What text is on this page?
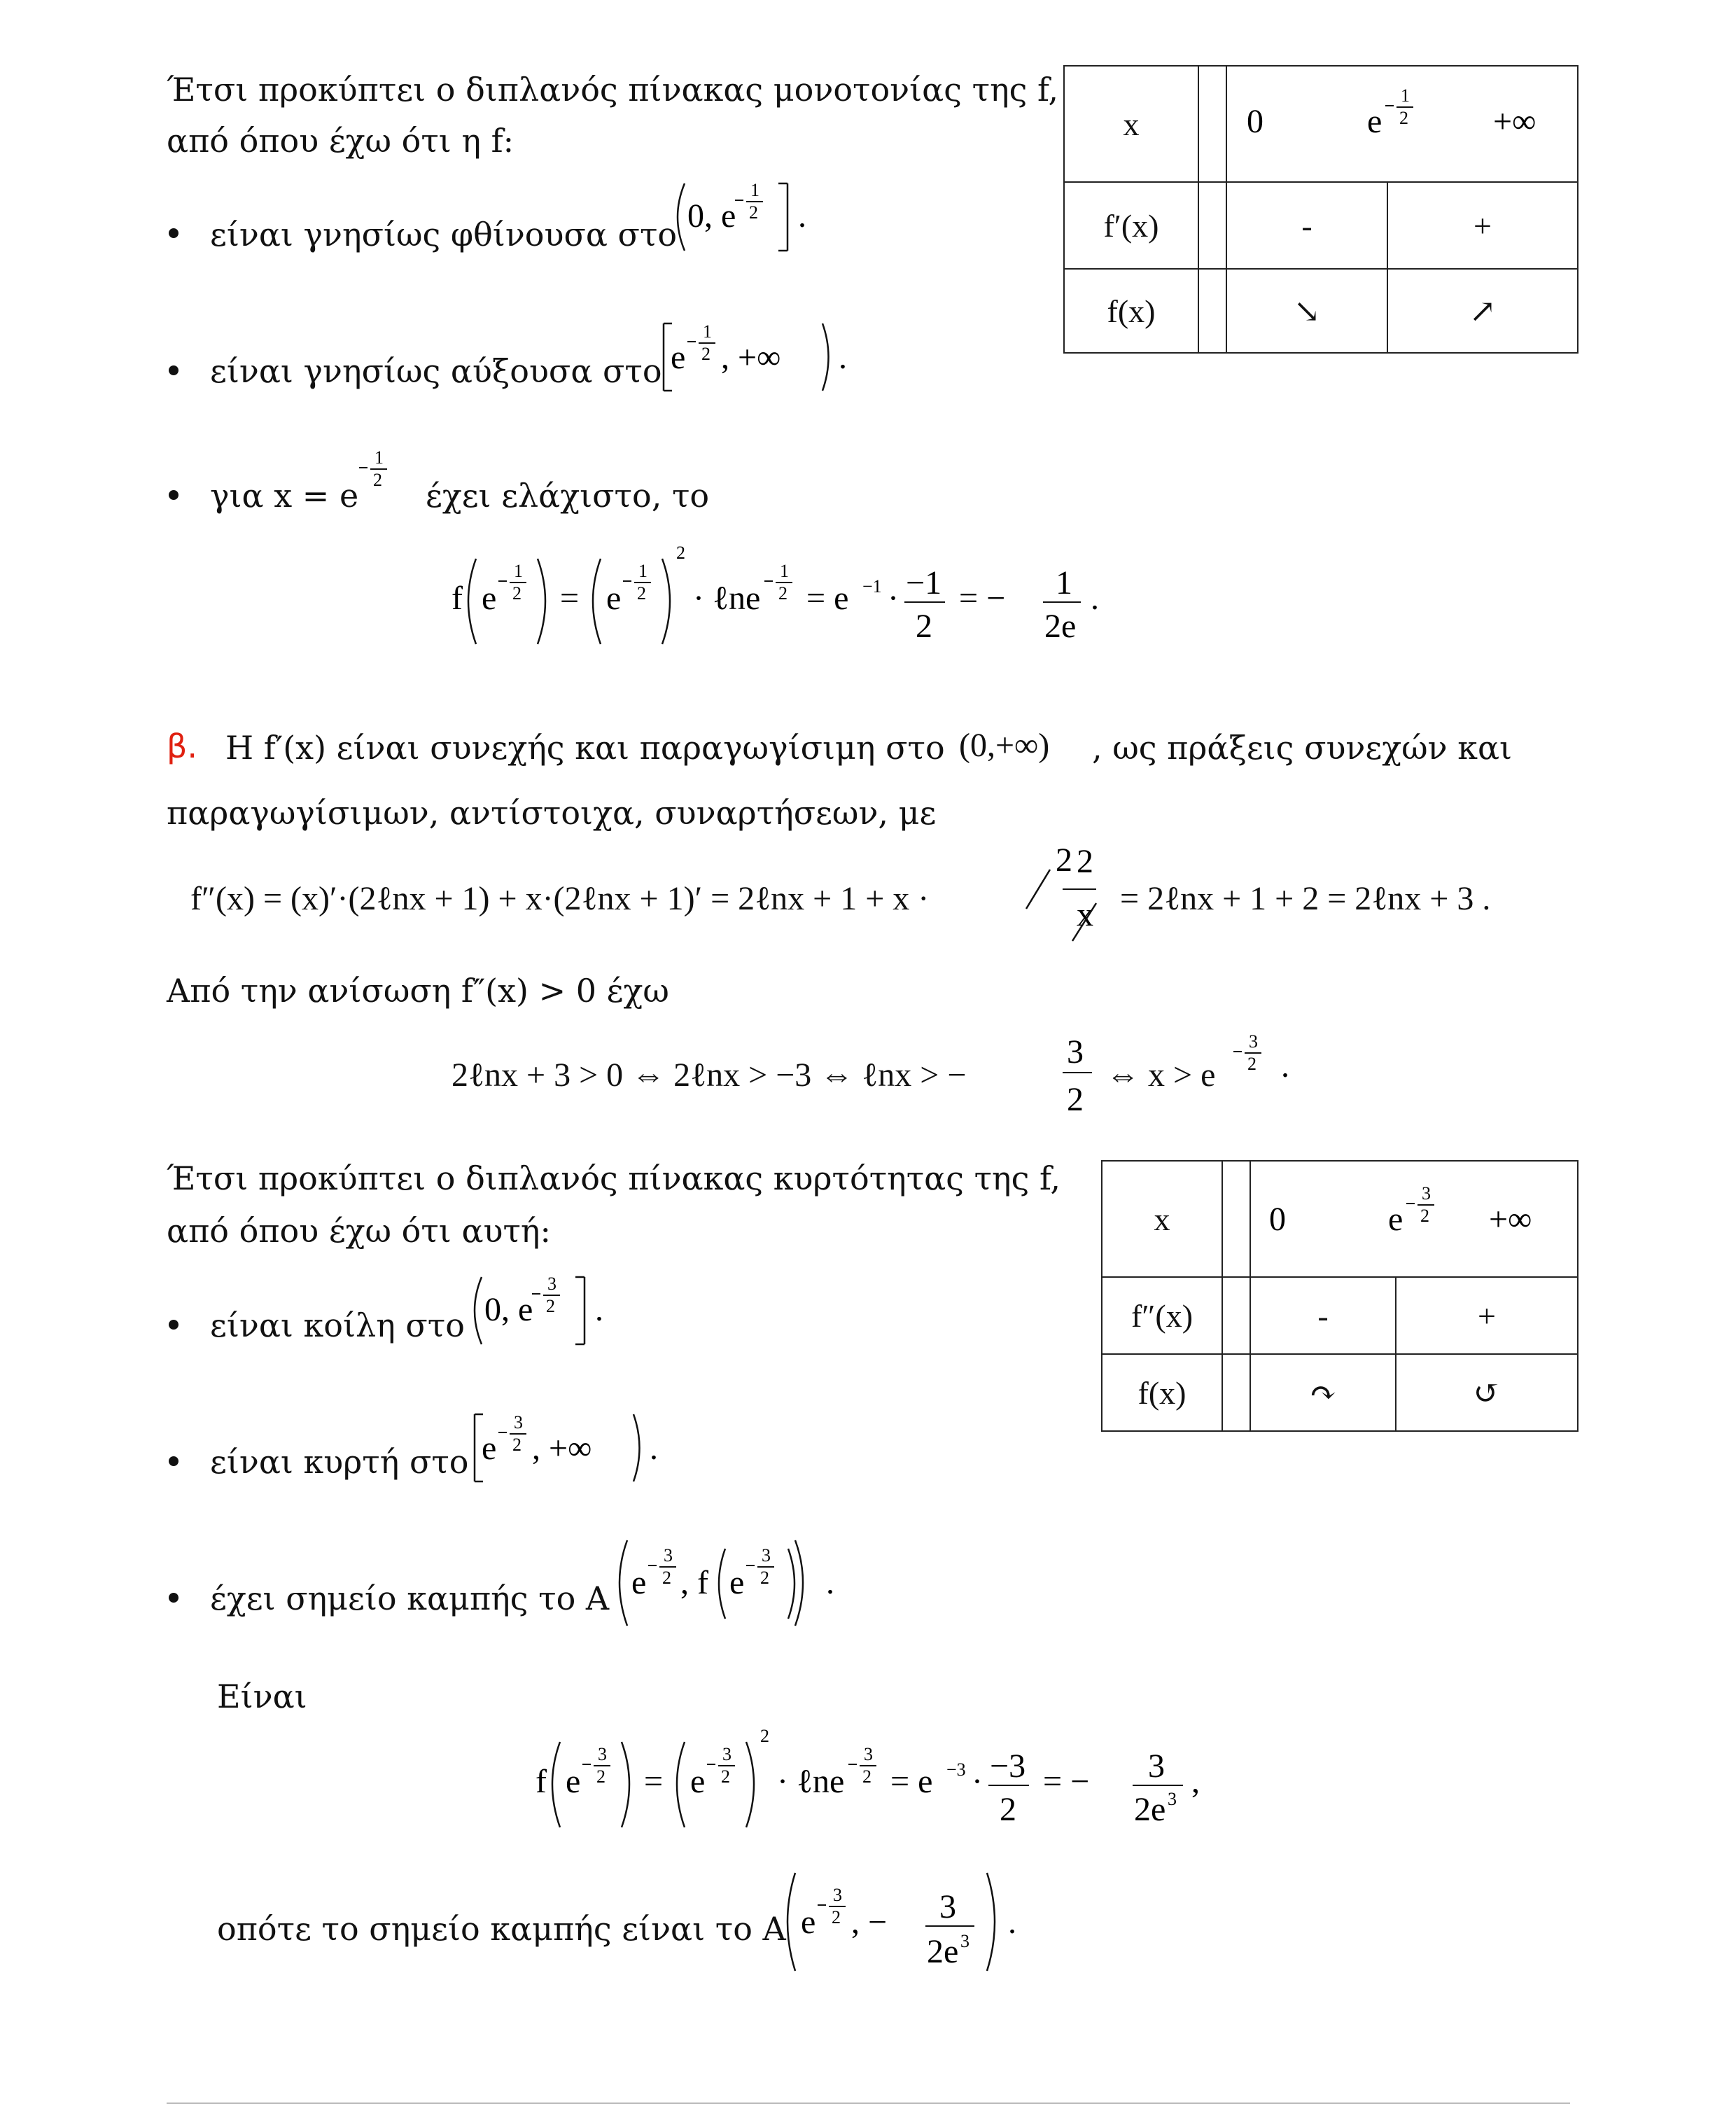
Έτσι προκύπτει ο διπλανός πίνακας μονοτονίας της f,
από όπου έχω ότι η f:
είναι γνησίως φθίνουσα στο 0, e
1
2 .
είναι γνησίως αύξουσα στο e
1
2 , +∞ .
για x = e
1
2 έχει ελάχιστο, το
f e
1
2 = e
1
2
2
· ℓne
1
2 = e −1 · −1
2
= − 1
2e
.
x		0 e
1
2 +∞	

f′(x)		-	+
f(x)		↘	↗
β. Η f′(x) είναι συνεχής και παραγωγίσιμη στο (0,+∞) , ως πράξεις συνεχών και
παραγωγίσιμων, αντίστοιχα, συναρτήσεων, με
f″(x) = (x)′·(2ℓnx + 1) + x·(2ℓnx + 1)′ = 2ℓnx + 1 + x ·
2 2
x = 2ℓnx + 1 + 2 = 2ℓnx + 3 .
Από την ανίσωση f″(x) > 0 έχω
2ℓnx + 3 > 0 ⇔ 2ℓnx > −3 ⇔ ℓnx > −
3
2
⇔ x > e
3
2 .
Έτσι προκύπτει ο διπλανός πίνακας κυρτότητας της f,
από όπου έχω ότι αυτή:
είναι κοίλη στο 0, e
3
2 .
είναι κυρτή στο e
3
2 , +∞ .
έχει σημείο καμπής το A e
3
2 , f e
3
2 .
Είναι
f e
3
2 = e
3
2
2
· ℓne
3
2 = e −3 · −3
2
= − 3
2e 3 ,
οπότε το σημείο καμπής είναι το A e
3
2 , − 3
2e 3
.
x		0 e
3
2 +∞	

f″(x)		-	+
f(x)		↷	↺
